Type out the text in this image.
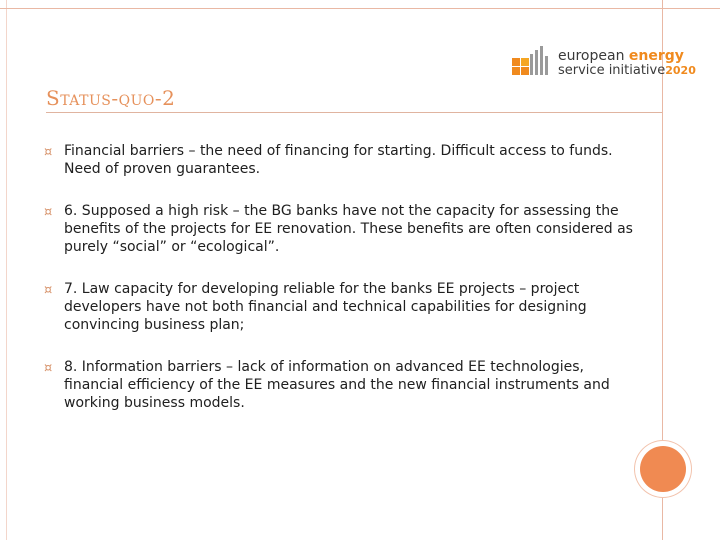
european energy
service initiative2020
Status-quo-2
¤ Financial barriers – the need of financing for starting. Difficult access to funds. Need of proven guarantees.
¤ 6. Supposed a high risk – the BG banks have not the capacity for assessing the benefits of the projects for EE renovation. These benefits are often considered as purely “social” or “ecological”.
¤ 7. Law capacity for developing reliable for the banks EE projects – project developers have not both financial and technical capabilities for designing convincing business plan;
¤ 8. Information barriers – lack of information on advanced EE technologies, financial efficiency of the EE measures and the new financial instruments and working business models.
